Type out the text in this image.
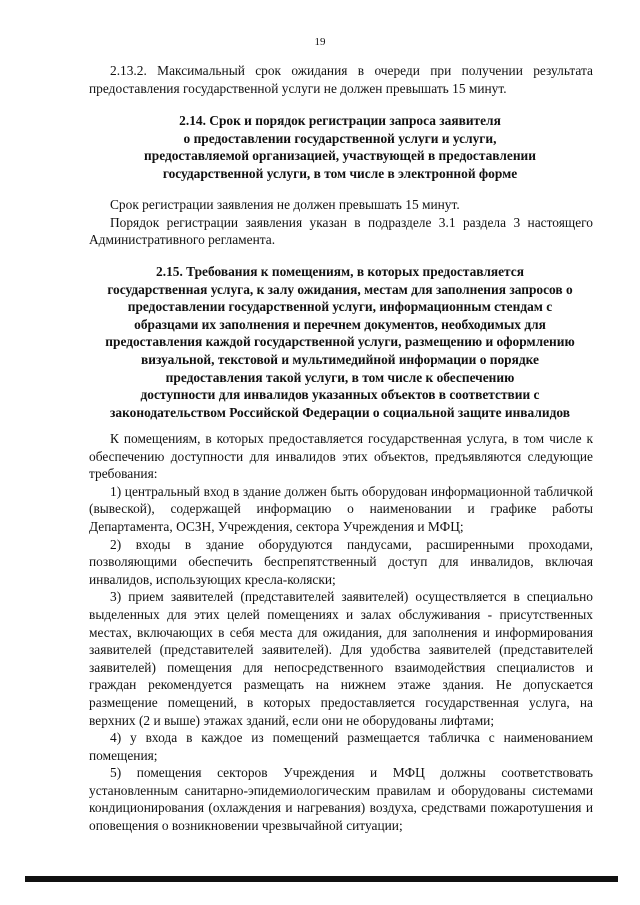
19

2.13.2. Максимальный срок ожидания в очереди при получении результата предоставления государственной услуги не должен превышать 15 минут.

2.14. Срок и порядок регистрации запроса заявителя
о предоставлении государственной услуги и услуги,
предоставляемой организацией, участвующей в предоставлении
государственной услуги, в том числе в электронной форме

Срок регистрации заявления не должен превышать 15 минут.

Порядок регистрации заявления указан в подразделе 3.1 раздела 3 настоящего Административного регламента.

2.15. Требования к помещениям, в которых предоставляется
государственная услуга, к залу ожидания, местам для заполнения запросов о
предоставлении государственной услуги, информационным стендам с
образцами их заполнения и перечнем документов, необходимых для
предоставления каждой государственной услуги, размещению и оформлению
визуальной, текстовой и мультимедийной информации о порядке
предоставления такой услуги, в том числе к обеспечению
доступности для инвалидов указанных объектов в соответствии с
законодательством Российской Федерации о социальной защите инвалидов

К помещениям, в которых предоставляется государственная услуга, в том числе к обеспечению доступности для инвалидов этих объектов, предъявляются следующие требования:

1) центральный вход в здание должен быть оборудован информационной табличкой (вывеской), содержащей информацию о наименовании и графике работы Департамента, ОСЗН, Учреждения, сектора Учреждения и МФЦ;

2) входы в здание оборудуются пандусами, расширенными проходами, позволяющими обеспечить беспрепятственный доступ для инвалидов, включая инвалидов, использующих кресла-коляски;

3) прием заявителей (представителей заявителей) осуществляется в специально выделенных для этих целей помещениях и залах обслуживания - присутственных местах, включающих в себя места для ожидания, для заполнения и информирования заявителей (представителей заявителей). Для удобства заявителей (представителей заявителей) помещения для непосредственного взаимодействия специалистов и граждан рекомендуется размещать на нижнем этаже здания. Не допускается размещение помещений, в которых предоставляется государственная услуга, на верхних (2 и выше) этажах зданий, если они не оборудованы лифтами;

4) у входа в каждое из помещений размещается табличка с наименованием помещения;

5) помещения секторов Учреждения и МФЦ должны соответствовать установленным санитарно-эпидемиологическим правилам и оборудованы системами кондиционирования (охлаждения и нагревания) воздуха, средствами пожаротушения и оповещения о возникновении чрезвычайной ситуации;
